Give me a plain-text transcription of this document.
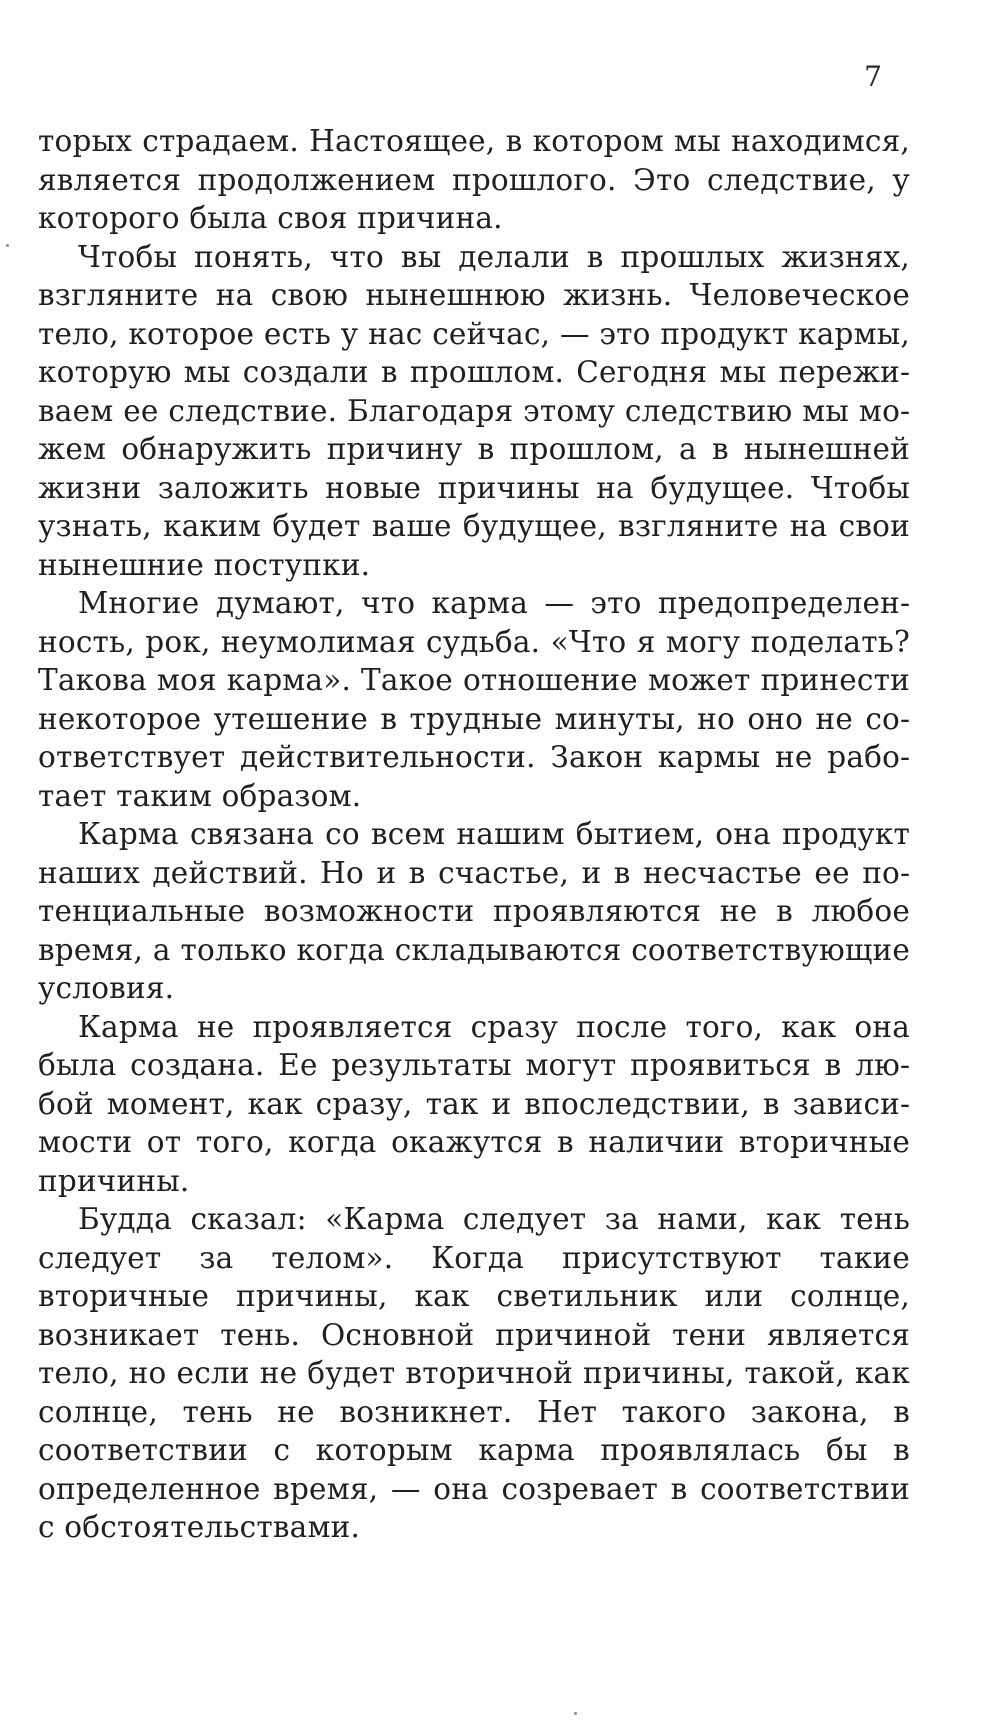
7

торых страдаем. Настоящее, в котором мы находимся, является продолжением прошлого. Это следствие, у которого была своя причина.

Чтобы понять, что вы делали в прошлых жизнях, взгляните на свою нынешнюю жизнь. Человеческое тело, которое есть у нас сейчас, — это продукт кармы, которую мы создали в прошлом. Сегодня мы переживаем ее следствие. Благодаря этому следствию мы можем обнаружить причину в прошлом, а в нынешней жизни заложить новые причины на будущее. Чтобы узнать, каким будет ваше будущее, взгляните на свои нынешние поступки.

Многие думают, что карма — это предопределенность, рок, неумолимая судьба. «Что я могу поделать? Такова моя карма». Такое отношение может принести некоторое утешение в трудные минуты, но оно не соответствует действительности. Закон кармы не работает таким образом.

Карма связана со всем нашим бытием, она продукт наших действий. Но и в счастье, и в несчастье ее потенциальные возможности проявляются не в любое время, а только когда складываются соответствующие условия.

Карма не проявляется сразу после того, как она была создана. Ее результаты могут проявиться в любой момент, как сразу, так и впоследствии, в зависимости от того, когда окажутся в наличии вторичные причины.

Будда сказал: «Карма следует за нами, как тень следует за телом». Когда присутствуют такие вторичные причины, как светильник или солнце, возникает тень. Основной причиной тени является тело, но если не будет вторичной причины, такой, как солнце, тень не возникнет. Нет такого закона, в соответствии с которым карма проявлялась бы в определенное время, — она созревает в соответствии с обстоятельствами.
